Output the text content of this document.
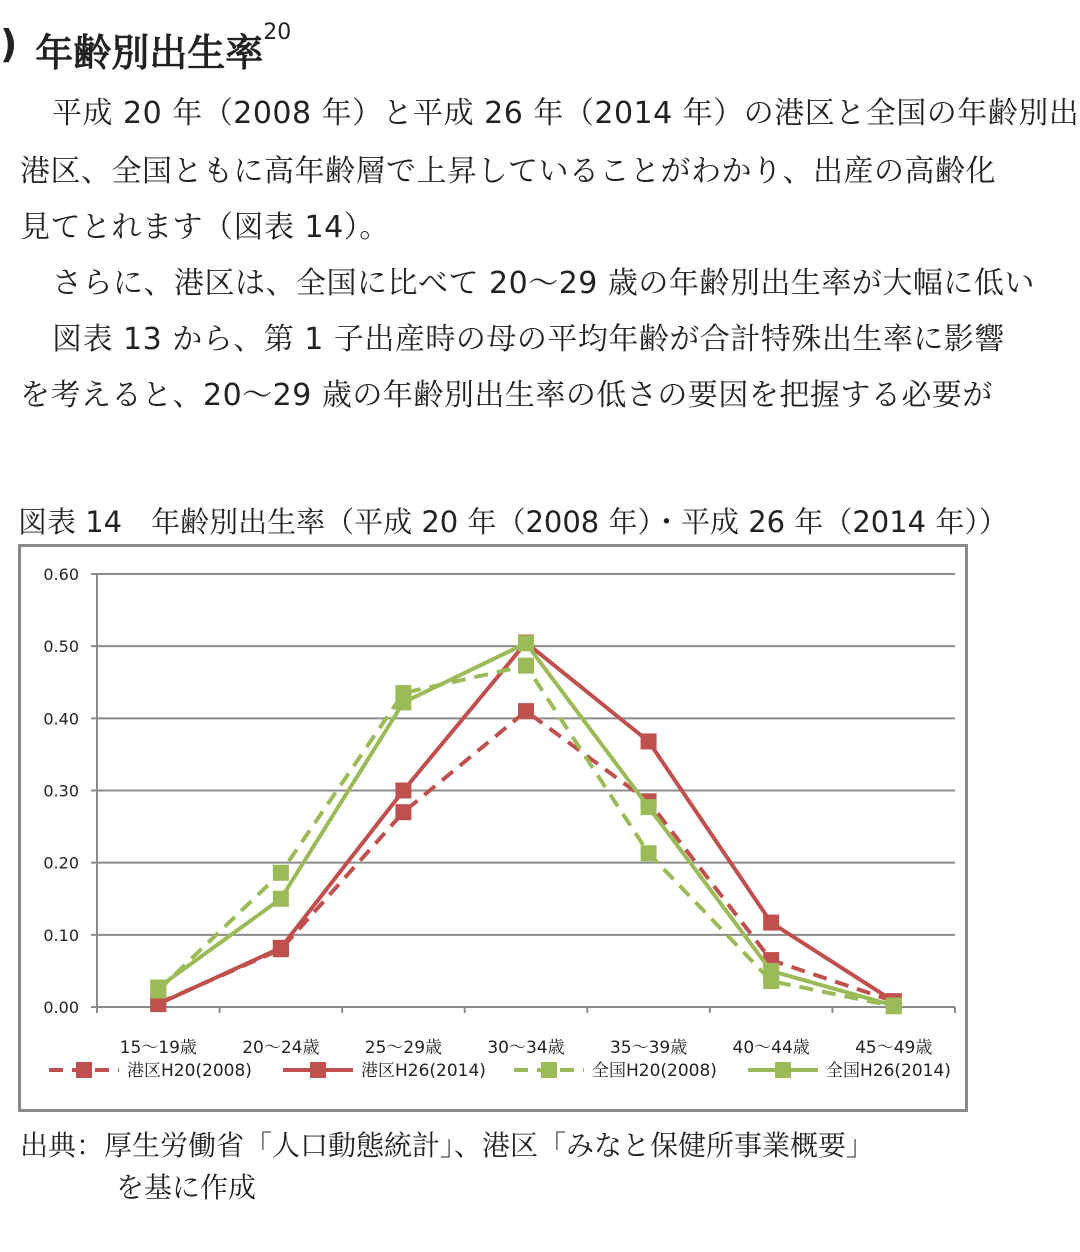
) 年齢別出生率$^{20}$
平成 20 年（2008 年）と平成 26 年（2014 年）の港区と全国の年齢別出
港区、全国ともに高年齢層で上昇していることがわかり、出産の高齢化
見てとれます（図表 14）。
さらに、港区は、全国に比べて 20～29 歳の年齢別出生率が大幅に低い
図表 13 から、第 1 子出産時の母の平均年齢が合計特殊出生率に影響
を考えると、20～29 歳の年齢別出生率の低さの要因を把握する必要が
図表 14　年齢別出生率（平成 20 年（2008 年）・平成 26 年（2014 年））
0.00
0.10
0.20
0.30
0.40
0.50
0.60
15～19歳	20～24歳	25～29歳	30～34歳	35～39歳	40～44歳	45～49歳
港区H20(2008)	港区H26(2014)	全国H20(2008)	全国H26(2014)
出典：厚生労働省「人口動態統計」、港区「みなと保健所事業概要」
を基に作成
